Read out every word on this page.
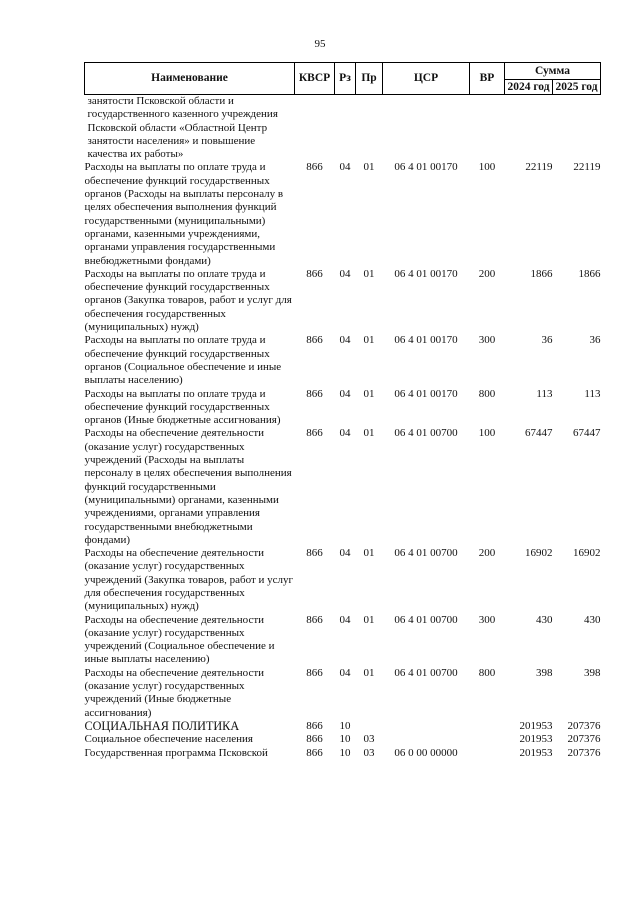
95
Наименование	КВСР	Рз	Пр	ЦСР	ВР	Сумма	
						2024 год	2025 год
занятости Псковской области и государственного казенного учреждения Псковской области «Областной Центр занятости населения» и повышение качества их работы»							
Расходы на выплаты по оплате труда и обеспечение функций государственных органов (Расходы на выплаты персоналу в целях обеспечения выполнения функций государственными (муниципальными) органами, казенными учреждениями, органами управления государственными внебюджетными фондами)	866	04	01	06 4 01 00170	100	22119	22119
Расходы на выплаты по оплате труда и обеспечение функций государственных органов (Закупка товаров, работ и услуг для обеспечения государственных (муниципальных) нужд)	866	04	01	06 4 01 00170	200	1866	1866
Расходы на выплаты по оплате труда и обеспечение функций государственных органов (Социальное обеспечение и иные выплаты населению)	866	04	01	06 4 01 00170	300	36	36
Расходы на выплаты по оплате труда и обеспечение функций государственных органов (Иные бюджетные ассигнования)	866	04	01	06 4 01 00170	800	113	113
Расходы на обеспечение деятельности (оказание услуг) государственных учреждений (Расходы на выплаты персоналу в целях обеспечения выполнения функций государственными (муниципальными) органами, казенными учреждениями, органами управления государственными внебюджетными фондами)	866	04	01	06 4 01 00700	100	67447	67447
Расходы на обеспечение деятельности (оказание услуг) государственных учреждений (Закупка товаров, работ и услуг для обеспечения государственных (муниципальных) нужд)	866	04	01	06 4 01 00700	200	16902	16902
Расходы на обеспечение деятельности (оказание услуг) государственных учреждений (Социальное обеспечение и иные выплаты населению)	866	04	01	06 4 01 00700	300	430	430
Расходы на обеспечение деятельности (оказание услуг) государственных учреждений (Иные бюджетные ассигнования)	866	04	01	06 4 01 00700	800	398	398
СОЦИАЛЬНАЯ ПОЛИТИКА	866	10				201953	207376
Социальное обеспечение населения	866	10	03			201953	207376
Государственная программа Псковской	866	10	03	06 0 00 00000		201953	207376
